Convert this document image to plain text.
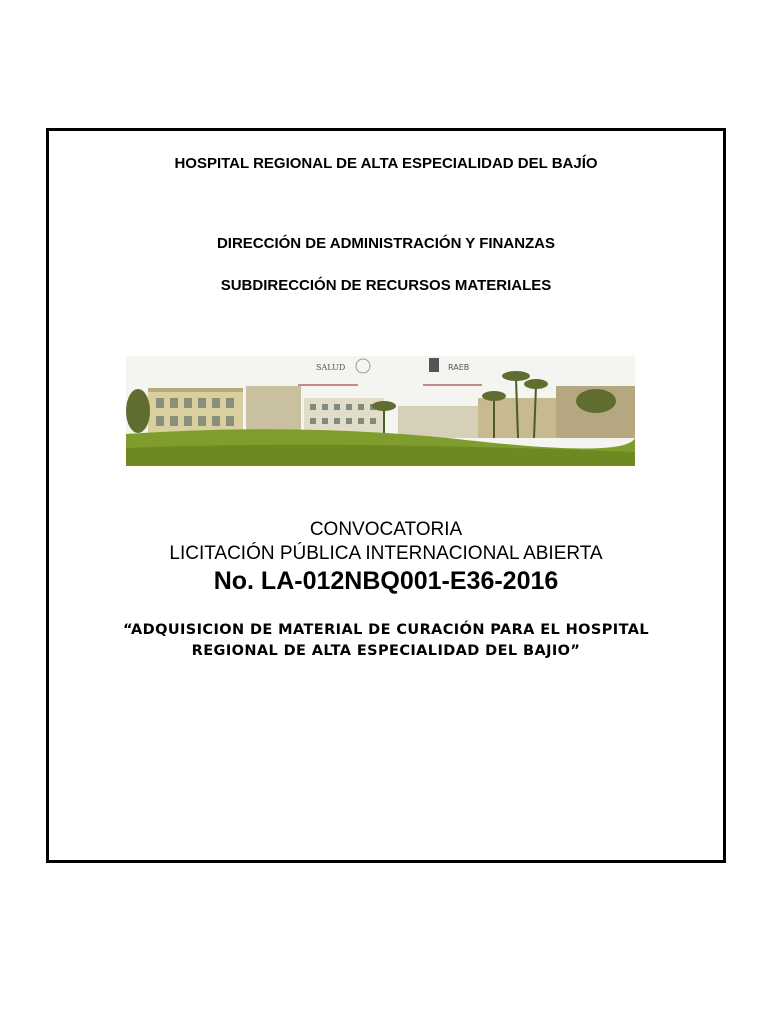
HOSPITAL REGIONAL DE ALTA ESPECIALIDAD DEL BAJÍO
DIRECCIÓN DE ADMINISTRACIÓN Y FINANZAS
SUBDIRECCIÓN DE RECURSOS MATERIALES
SALUD	RAEB
CONVOCATORIA
LICITACIÓN PÚBLICA INTERNACIONAL ABIERTA
No. LA-012NBQ001-E36-2016
“ADQUISICION DE MATERIAL DE CURACIÓN PARA EL HOSPITAL REGIONAL DE ALTA ESPECIALIDAD DEL BAJIO”
